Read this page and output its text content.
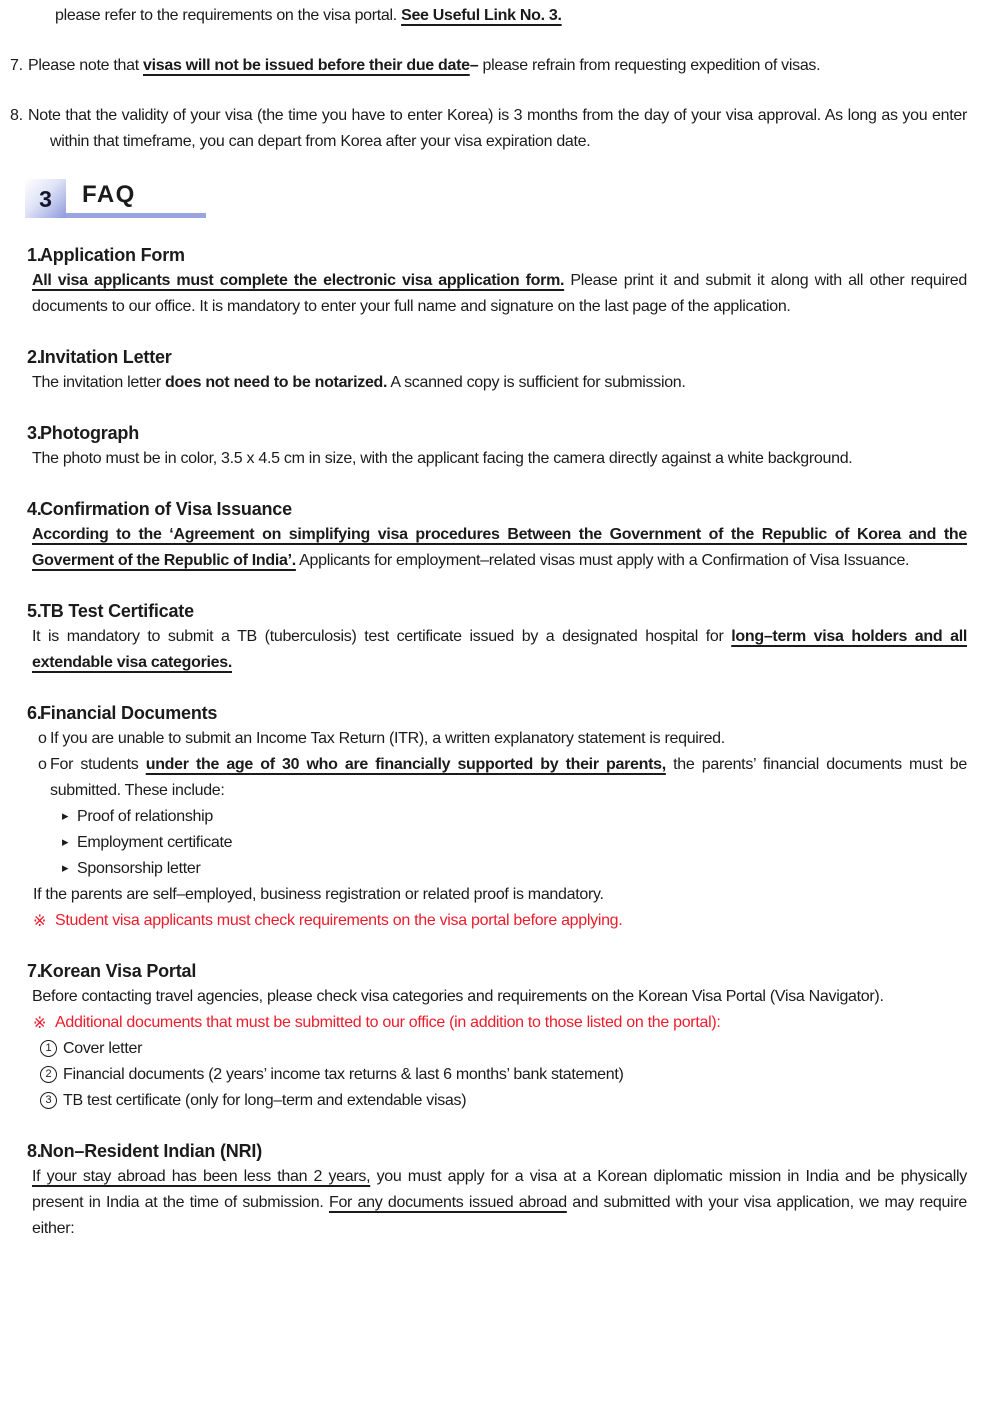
please refer to the requirements on the visa portal. See Useful Link No. 3.

7. Please note that visas will not be issued before their due date– please refrain from requesting expedition of visas.

8. Note that the validity of your visa (the time you have to enter Korea) is 3 months from the day of your visa approval. As long as you enter within that timeframe, you can depart from Korea after your visa expiration date.

3	FAQ
1.Application Form

All visa applicants must complete the electronic visa application form. Please print it and submit it along with all other required documents to our office. It is mandatory to enter your full name and signature on the last page of the application.

2.Invitation Letter

The invitation letter does not need to be notarized. A scanned copy is sufficient for submission.

3.Photograph

The photo must be in color, 3.5 x 4.5 cm in size, with the applicant facing the camera directly against a white background.

4.Confirmation of Visa Issuance

According to the ‘Agreement on simplifying visa procedures Between the Government of the Republic of Korea and the Goverment of the Republic of India’. Applicants for employment–related visas must apply with a Confirmation of Visa Issuance.

5.TB Test Certificate

It is mandatory to submit a TB (tuberculosis) test certificate issued by a designated hospital for long–term visa holders and all extendable visa categories.

6.Financial Documents
o If you are unable to submit an Income Tax Return (ITR), a written explanatory statement is required.
o For students under the age of 30 who are financially supported by their parents, the parents’ financial documents must be submitted. These include:
▸ Proof of relationship
▸ Employment certificate
▸ Sponsorship letter

If the parents are self–employed, business registration or related proof is mandatory.

※ Student visa applicants must check requirements on the visa portal before applying.

7.Korean Visa Portal

Before contacting travel agencies, please check visa categories and requirements on the Korean Visa Portal (Visa Navigator).

※ Additional documents that must be submitted to our office (in addition to those listed on the portal):

1 Cover letter
2 Financial documents (2 years’ income tax returns & last 6 months’ bank statement)
3 TB test certificate (only for long–term and extendable visas)
8.Non–Resident Indian (NRI)

If your stay abroad has been less than 2 years, you must apply for a visa at a Korean diplomatic mission in India and be physically present in India at the time of submission. For any documents issued abroad and submitted with your visa application, we may require either:
